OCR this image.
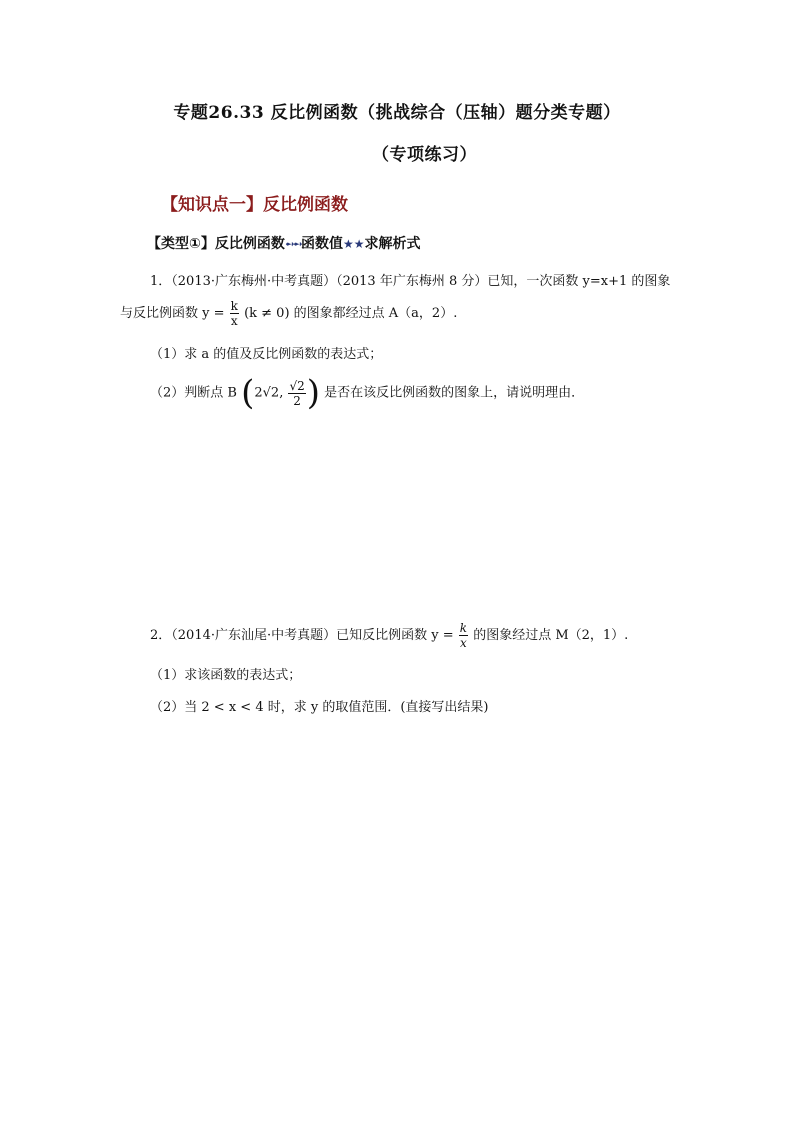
专题26.33 反比例函数（挑战综合（压轴）题分类专题）
（专项练习）
【知识点一】反比例函数
【类型①】反比例函数➻➻函数值★★求解析式
1．（2013·广东梅州·中考真题）（2013 年广东梅州 8 分）已知，一次函数 y=x+1 的图象
与反比例函数 $y = \frac{k}{x} (k \ne 0)$ 的图象都经过点 A（a，2）.
（1）求 a 的值及反比例函数的表达式；
（2）判断点 B (2√2, $\frac{√2}{2}$ ) 是否在该反比例函数的图象上，请说明理由．
2．（2014·广东汕尾·中考真题）已知反比例函数 $y = \frac{k}{x}$ 的图象经过点 M（2，1）.
（1）求该函数的表达式；
（2）当 2 < x < 4 时，求 y 的取值范围．(直接写出结果)
